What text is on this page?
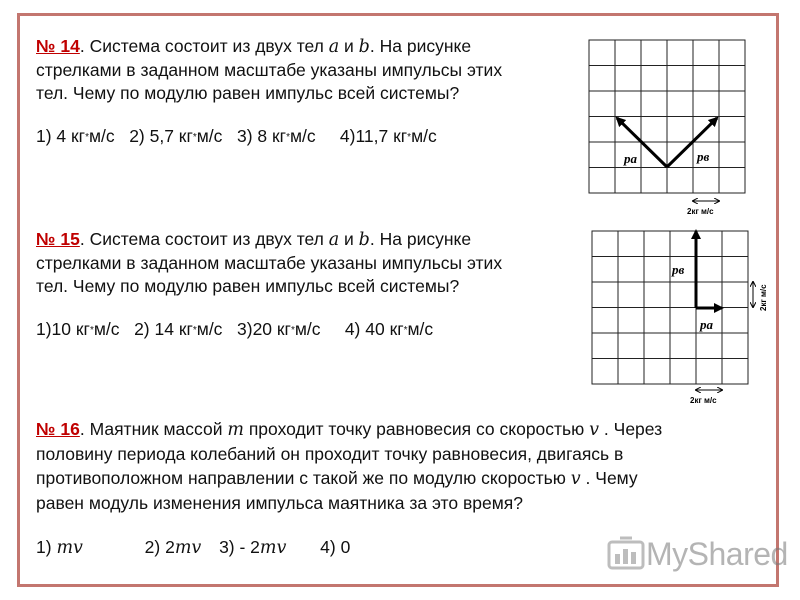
№ 14. Система состоит из двух тел а и b. На рисунке
стрелками в заданном масштабе указаны импульсы этих
тел. Чему по модулю равен импульс всей системы?
1) 4 кг*м/с   2) 5,7 кг*м/с   3) 8 кг*м/с     4)11,7 кг*м/с
№ 15. Система состоит из двух тел а и b. На рисунке
стрелками в заданном масштабе указаны импульсы этих
тел. Чему по модулю равен импульс всей системы?
1)10 кг*м/с   2) 14 кг*м/с   3)20 кг*м/с     4) 40 кг*м/с
№ 16. Маятник массой m проходит точку равновесия со скоростью v . Через
половину периода колебаний он проходит точку равновесия, двигаясь в
противоположном направлении с такой же по модулю скоростью v . Чему
равен модуль изменения импульса маятника за это время?
1) mv	2) 2mv 3) - 2mv 4) 0
pa	pв
2кг м/с
pв
pa
2кг м/с
2кг м/с
MyShared
